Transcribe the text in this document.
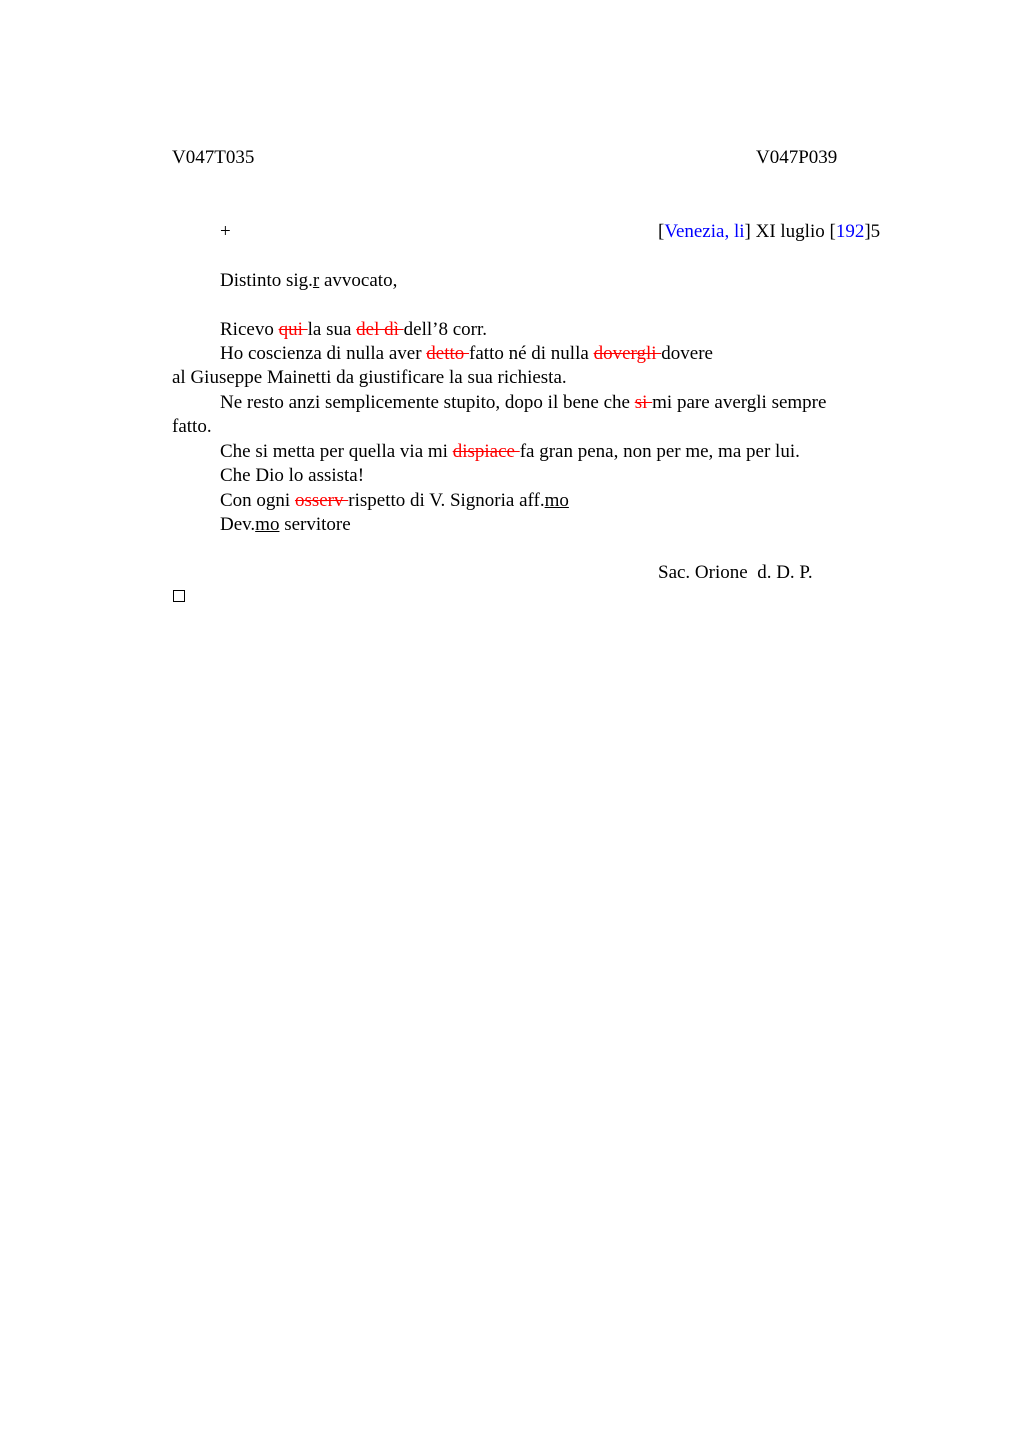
V047T035	V047P039
+	[Venezia, li] XI luglio [192]5
Distinto sig.r avvocato,
Ricevo qui la sua del dì dell’8 corr.
Ho coscienza di nulla aver detto fatto né di nulla dovergli dovere
al Giuseppe Mainetti da giustificare la sua richiesta.
Ne resto anzi semplicemente stupito, dopo il bene che si mi pare avergli sempre
fatto.
Che si metta per quella via mi dispiace fa gran pena, non per me, ma per lui.
Che Dio lo assista!
Con ogni osserv rispetto di V. Signoria aff.mo
Dev.mo servitore
Sac. Orione  d. D. P.
